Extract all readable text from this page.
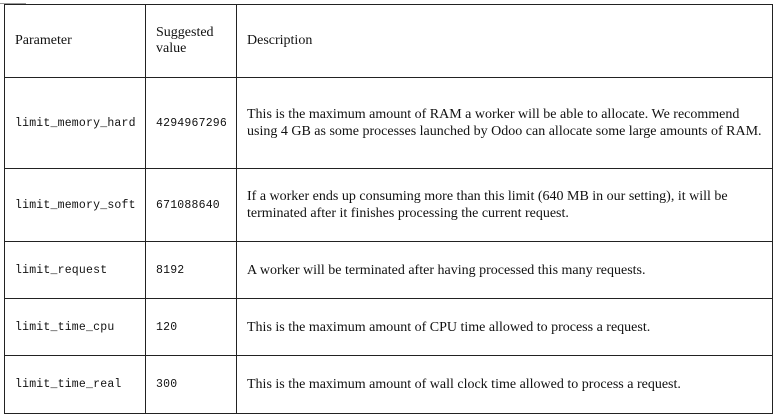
Parameter	Suggested value	Description
limit_memory_hard	4294967296	This is the maximum amount of RAM a worker will be able to allocate. We recommend using 4 GB as some processes launched by Odoo can allocate some large amounts of RAM.
limit_memory_soft	671088640	If a worker ends up consuming more than this limit (640 MB in our setting), it will be terminated after it finishes processing the current request.
limit_request	8192	A worker will be terminated after having processed this many requests.
limit_time_cpu	120	This is the maximum amount of CPU time allowed to process a request.
limit_time_real	300	This is the maximum amount of wall clock time allowed to process a request.
